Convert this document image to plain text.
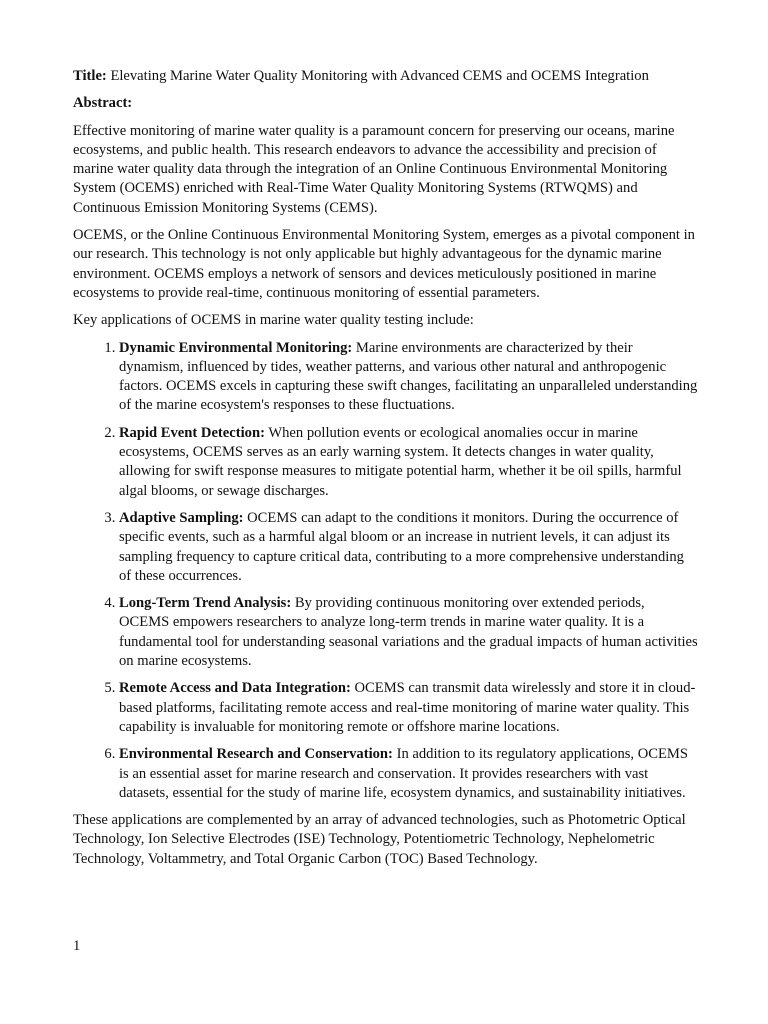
Title: Elevating Marine Water Quality Monitoring with Advanced CEMS and OCEMS Integration

Abstract:

Effective monitoring of marine water quality is a paramount concern for preserving our oceans, marine ecosystems, and public health. This research endeavors to advance the accessibility and precision of marine water quality data through the integration of an Online Continuous Environmental Monitoring System (OCEMS) enriched with Real-Time Water Quality Monitoring Systems (RTWQMS) and Continuous Emission Monitoring Systems (CEMS).

OCEMS, or the Online Continuous Environmental Monitoring System, emerges as a pivotal component in our research. This technology is not only applicable but highly advantageous for the dynamic marine environment. OCEMS employs a network of sensors and devices meticulously positioned in marine ecosystems to provide real-time, continuous monitoring of essential parameters.

Key applications of OCEMS in marine water quality testing include:

1. Dynamic Environmental Monitoring: Marine environments are characterized by their dynamism, influenced by tides, weather patterns, and various other natural and anthropogenic factors. OCEMS excels in capturing these swift changes, facilitating an unparalleled understanding of the marine ecosystem's responses to these fluctuations.
2. Rapid Event Detection: When pollution events or ecological anomalies occur in marine ecosystems, OCEMS serves as an early warning system. It detects changes in water quality, allowing for swift response measures to mitigate potential harm, whether it be oil spills, harmful algal blooms, or sewage discharges.
3. Adaptive Sampling: OCEMS can adapt to the conditions it monitors. During the occurrence of specific events, such as a harmful algal bloom or an increase in nutrient levels, it can adjust its sampling frequency to capture critical data, contributing to a more comprehensive understanding of these occurrences.
4. Long-Term Trend Analysis: By providing continuous monitoring over extended periods, OCEMS empowers researchers to analyze long-term trends in marine water quality. It is a fundamental tool for understanding seasonal variations and the gradual impacts of human activities on marine ecosystems.
5. Remote Access and Data Integration: OCEMS can transmit data wirelessly and store it in cloud-based platforms, facilitating remote access and real-time monitoring of marine water quality. This capability is invaluable for monitoring remote or offshore marine locations.
6. Environmental Research and Conservation: In addition to its regulatory applications, OCEMS is an essential asset for marine research and conservation. It provides researchers with vast datasets, essential for the study of marine life, ecosystem dynamics, and sustainability initiatives.

These applications are complemented by an array of advanced technologies, such as Photometric Optical Technology, Ion Selective Electrodes (ISE) Technology, Potentiometric Technology, Nephelometric Technology, Voltammetry, and Total Organic Carbon (TOC) Based Technology.

1
